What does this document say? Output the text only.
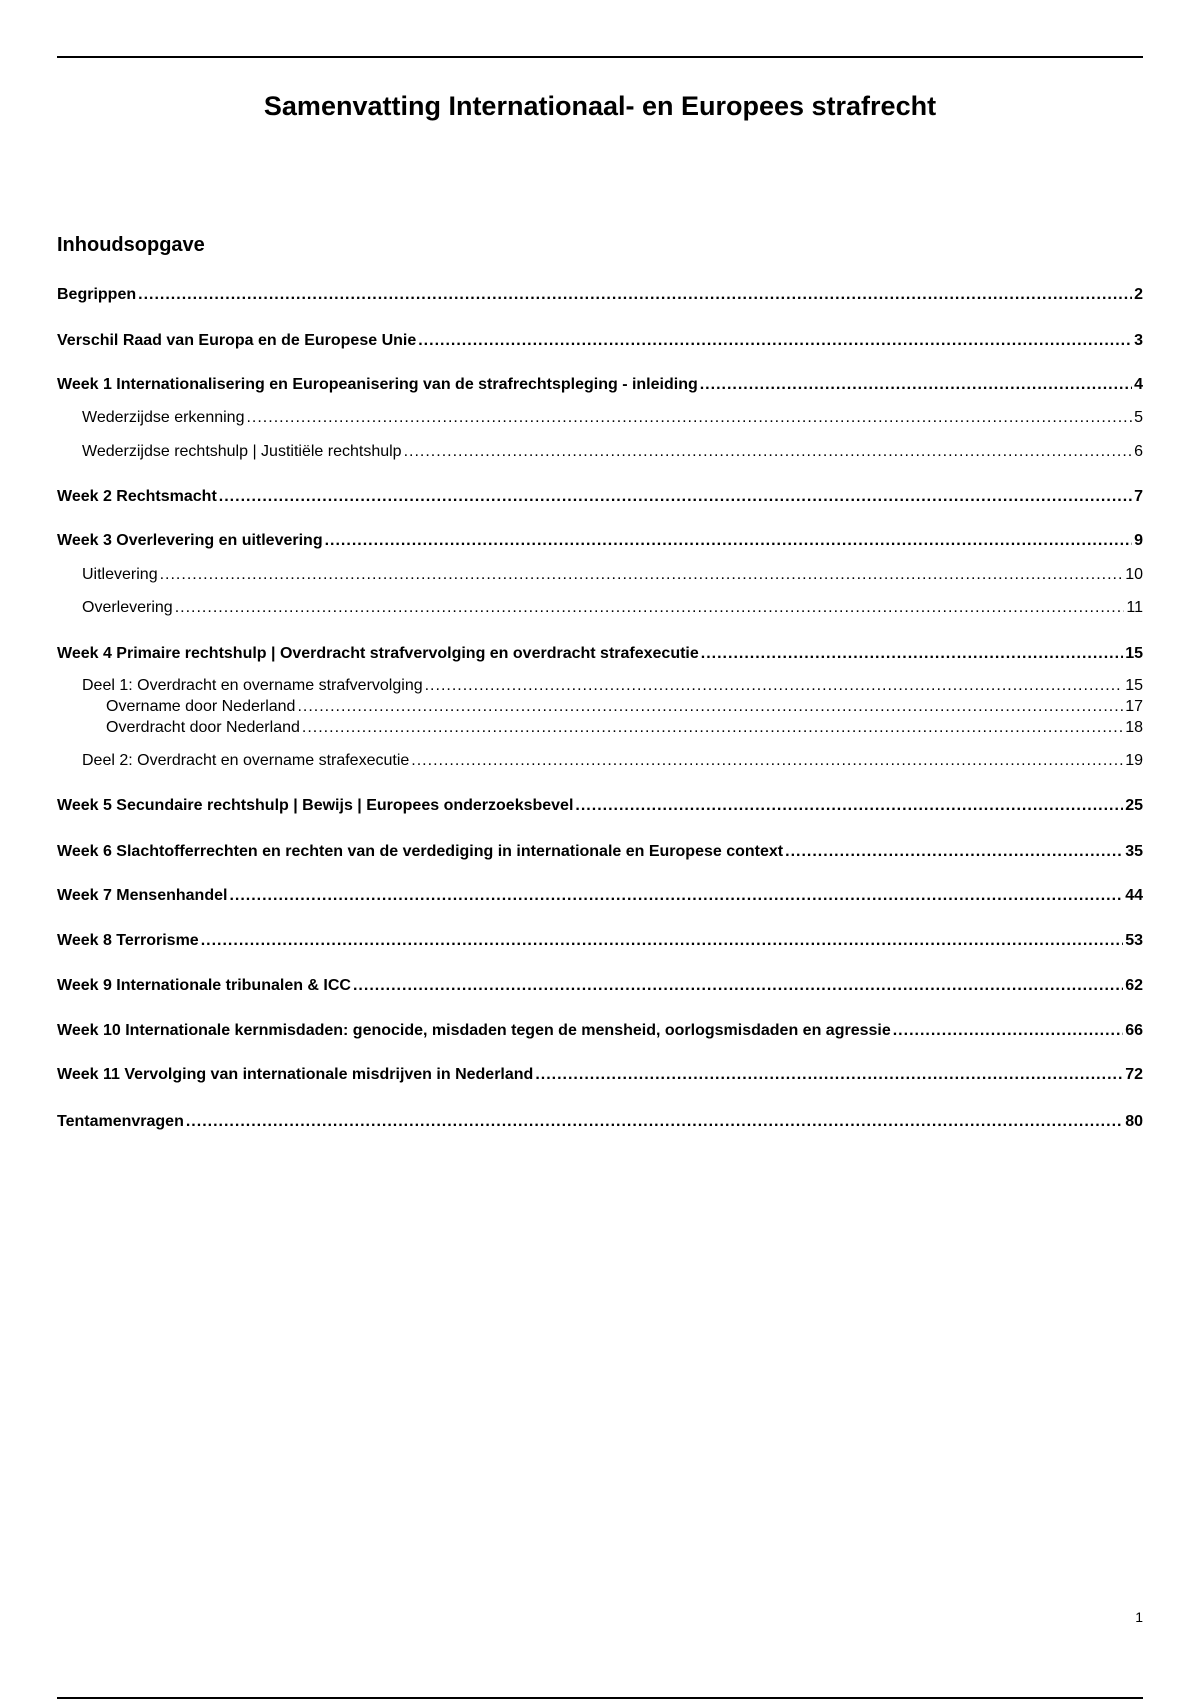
Samenvatting Internationaal- en Europees strafrecht
Inhoudsopgave
Begrippen .....	2
Verschil Raad van Europa en de Europese Unie .....	3
Week 1 Internationalisering en Europeanisering van de strafrechtspleging - inleiding .....	4
Wederzijdse erkenning .....	5
Wederzijdse rechtshulp | Justitiële rechtshulp .....	6
Week 2 Rechtsmacht .....	7
Week 3 Overlevering en uitlevering .....	9
Uitlevering .....	10
Overlevering .....	11
Week 4 Primaire rechtshulp | Overdracht strafvervolging en overdracht strafexecutie .....	15
Deel 1: Overdracht en overname strafvervolging .....	15
Overname door Nederland .....	17
Overdracht door Nederland .....	18
Deel 2: Overdracht en overname strafexecutie .....	19
Week 5 Secundaire rechtshulp | Bewijs | Europees onderzoeksbevel .....	25
Week 6 Slachtofferrechten en rechten van de verdediging in internationale en Europese context .....	35
Week 7 Mensenhandel .....	44
Week 8 Terrorisme .....	53
Week 9 Internationale tribunalen & ICC .....	62
Week 10 Internationale kernmisdaden: genocide, misdaden tegen de mensheid, oorlogsmisdaden en agressie .....	66
Week 11 Vervolging van internationale misdrijven in Nederland .....	72
Tentamenvragen .....	80
1
